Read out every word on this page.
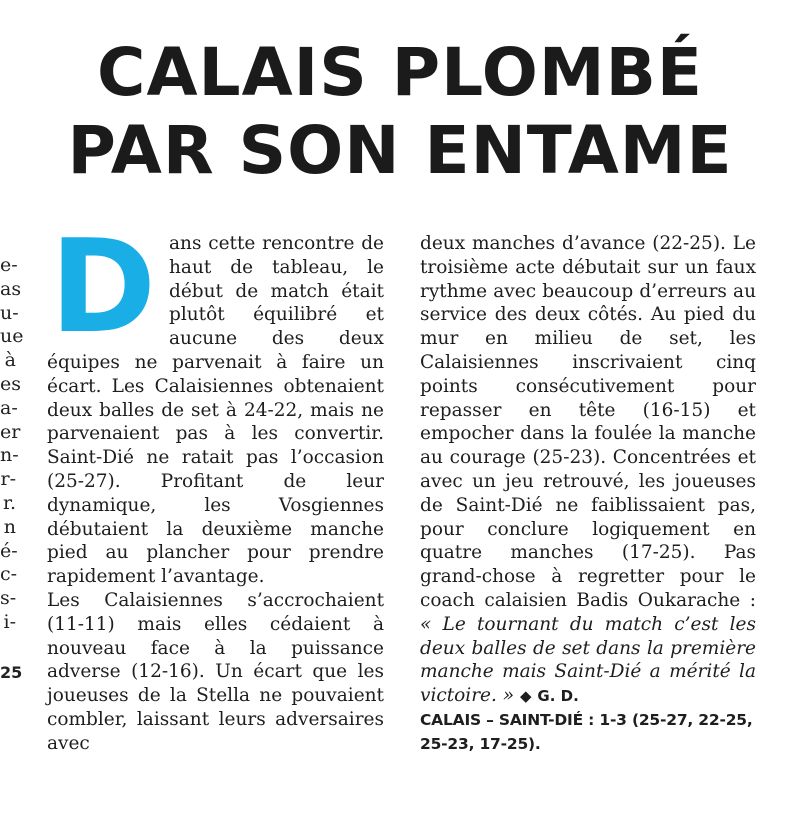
CALAIS PLOMBÉ
PAR SON ENTAME
e-
as
u-
ue
à
es
a-
er
n-
r-
r.
n
é-
c-
s-
i-
25
D ans cette rencontre de haut de tableau, le début de match était plutôt équilibré et aucune des deux équipes ne parvenait à faire un écart. Les Calaisiennes obtenaient deux balles de set à 24-22, mais ne parvenaient pas à les convertir. Saint-Dié ne ratait pas l’occasion (25-27). Profitant de leur dynamique, les Vosgiennes débutaient la deuxième manche pied au plancher pour prendre rapidement l’avantage.

Les Calaisiennes s’accrochaient (11-11) mais elles cédaient à nouveau face à la puissance adverse (12-16). Un écart que les joueuses de la Stella ne pouvaient combler, laissant leurs adversaires avec

deux manches d’avance (22-25). Le troisième acte débutait sur un faux rythme avec beaucoup d’erreurs au service des deux côtés. Au pied du mur en milieu de set, les Calaisiennes inscrivaient cinq points consécutivement pour repasser en tête (16-15) et empocher dans la foulée la manche au courage (25-23). Concentrées et avec un jeu retrouvé, les joueuses de Saint-Dié ne faiblissaient pas, pour conclure logiquement en quatre manches (17-25). Pas grand-chose à regretter pour le coach calaisien Badis Oukarache : « Le tournant du match c’est les deux balles de set dans la première manche mais Saint-Dié a mérité la victoire. » ◆ G. D.

CALAIS – SAINT-DIÉ : 1-3 (25-27, 22-25, 25-23, 17-25).
